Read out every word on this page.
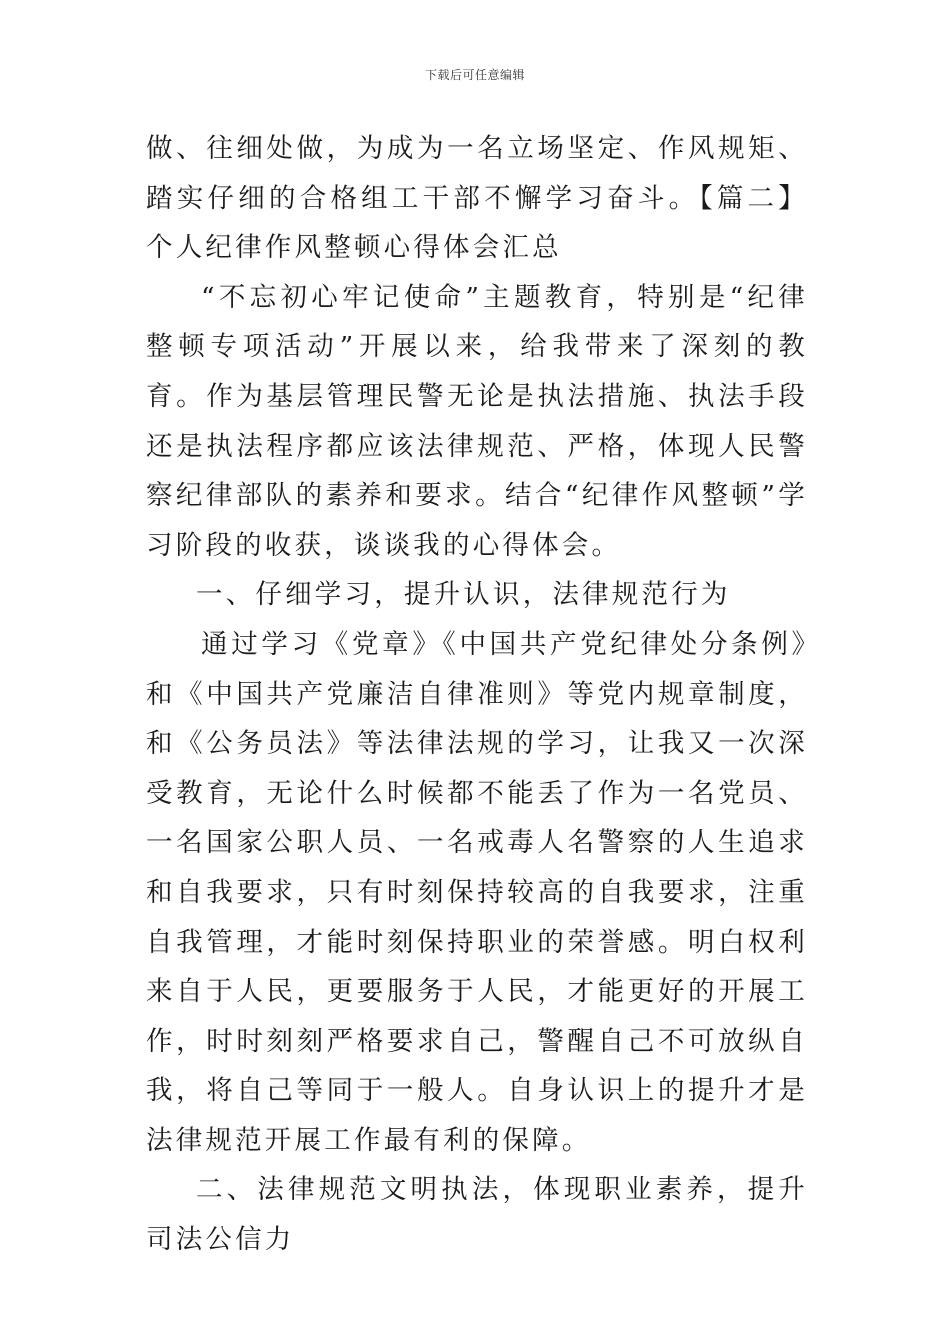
下载后可任意编辑

做、往细处做，为成为一名立场坚定、作风规矩、踏实仔细的合格组工干部不懈学习奋斗。【篇二】个人纪律作风整顿心得体会汇总

“不忘初心牢记使命”主题教育，特别是“纪律整顿专项活动”开展以来，给我带来了深刻的教育。作为基层管理民警无论是执法措施、执法手段还是执法程序都应该法律规范、严格，体现人民警察纪律部队的素养和要求。结合“纪律作风整顿”学习阶段的收获，谈谈我的心得体会。

一、仔细学习，提升认识，法律规范行为

通过学习《党章》《中国共产党纪律处分条例》和《中国共产党廉洁自律准则》等党内规章制度，和《公务员法》等法律法规的学习，让我又一次深受教育，无论什么时候都不能丢了作为一名党员、一名国家公职人员、一名戒毒人名警察的人生追求和自我要求，只有时刻保持较高的自我要求，注重自我管理，才能时刻保持职业的荣誉感。明白权利来自于人民，更要服务于人民，才能更好的开展工作，时时刻刻严格要求自己，警醒自己不可放纵自我，将自己等同于一般人。自身认识上的提升才是法律规范开展工作最有利的保障。

二、法律规范文明执法，体现职业素养，提升司法公信力
